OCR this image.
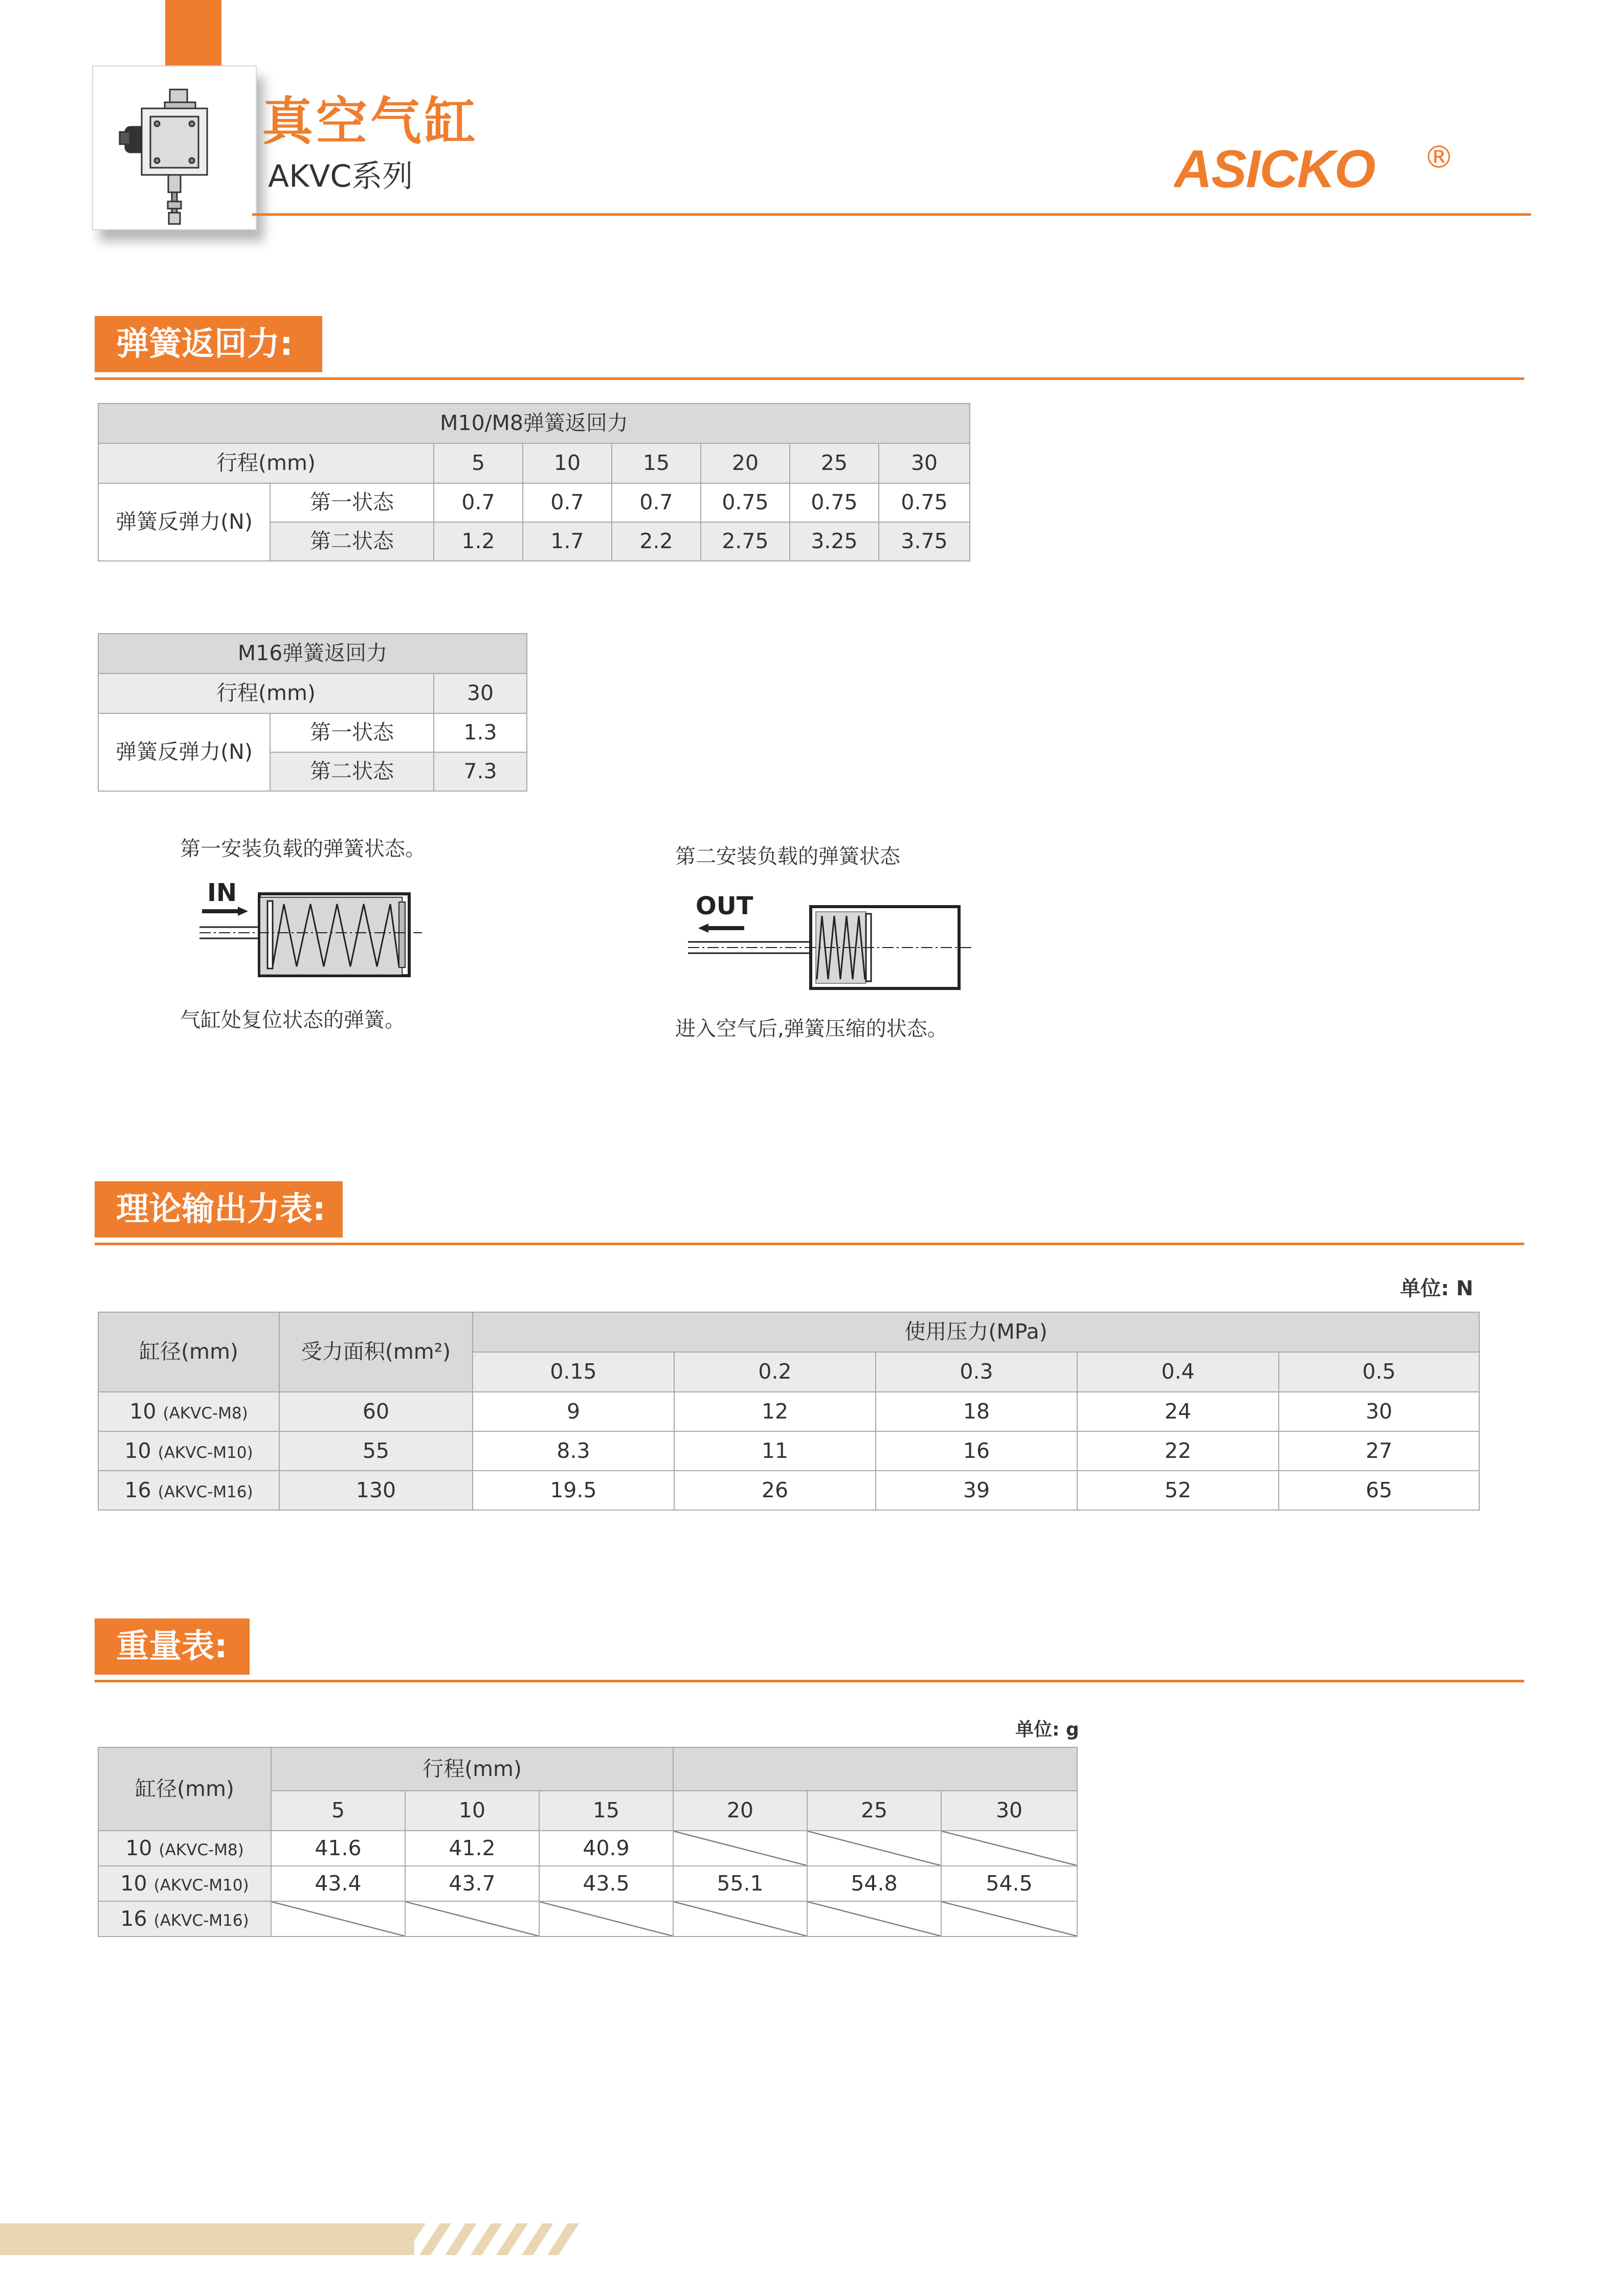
真空气缸
AKVC系列	ASICKO ®
弹簧返回力:
M10/M8弹簧返回力							
行程(mm)		5	10	15	20	25	30
弹簧反弹力(N)	第一状态	0.7	0.7	0.7	0.75	0.75	0.75
	第二状态	1.2	1.7	2.2	2.75	3.25	3.75
M16弹簧返回力		
行程(mm)		30
弹簧反弹力(N)	第一状态	1.3
	第二状态	7.3
第一安装负载的弹簧状态。
IN
气缸处复位状态的弹簧。
第二安装负载的弹簧状态
OUT
进入空气后,弹簧压缩的状态。
理论输出力表:
单位: N
缸径(mm)	受力面积(mm²)	使用压力(MPa)				
		0.15	0.2	0.3	0.4	0.5
10 (AKVC-M8)	60	9	12	18	24	30
10 (AKVC-M10)	55	8.3	11	16	22	27
16 (AKVC-M16)	130	19.5	26	39	52	65
重量表:
单位: g
缸径(mm)	行程(mm)					
	5	10	15	20	25	30
10 (AKVC-M8)	41.6	41.2	40.9			
10 (AKVC-M10)	43.4	43.7	43.5	55.1	54.8	54.5
16 (AKVC-M16)						
